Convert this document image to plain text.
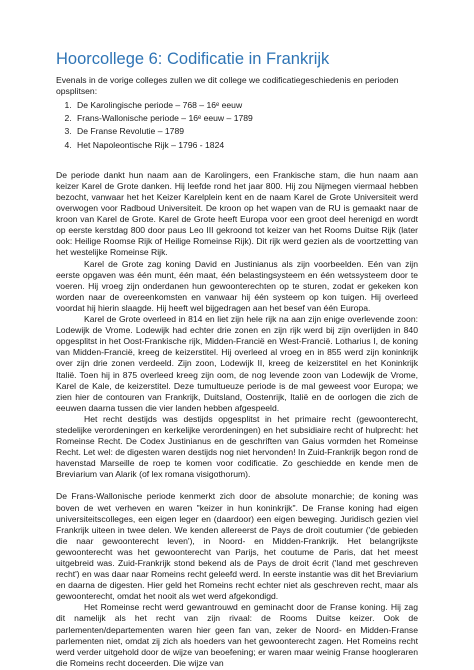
Hoorcollege 6: Codificatie in Frankrijk

Evenals in de vorige colleges zullen we dit college we codificatiegeschiedenis en perioden opsplitsen:

1. De Karolingische periode – 768 – 16ᵉ eeuw
2. Frans-Wallonische periode – 16ᵉ eeuw – 1789
3. De Franse Revolutie – 1789
4. Het Napoleontische Rijk – 1796 - 1824

De periode dankt hun naam aan de Karolingers, een Frankische stam, die hun naam aan keizer Karel de Grote danken. Hij leefde rond het jaar 800. Hij zou Nijmegen viermaal hebben bezocht, vanwaar het het Keizer Karelplein kent en de naam Karel de Grote Universiteit werd overwogen voor Radboud Universiteit. De kroon op het wapen van de RU is gemaakt naar de kroon van Karel de Grote. Karel de Grote heeft Europa voor een groot deel herenigd en wordt op eerste kerstdag 800 door paus Leo III gekroond tot keizer van het Rooms Duitse Rijk (later ook: Heilige Roomse Rijk of Heilige Romeinse Rijk). Dit rijk werd gezien als de voortzetting van het westelijke Romeinse Rijk.

Karel de Grote zag koning David en Justinianus als zijn voorbeelden. Eén van zijn eerste opgaven was één munt, één maat, één belastingsysteem en één wetssysteem door te voeren. Hij vroeg zijn onderdanen hun gewoonterechten op te sturen, zodat er gekeken kon worden naar de overeenkomsten en vanwaar hij één systeem op kon tuigen. Hij overleed voordat hij hierin slaagde. Hij heeft wel bijgedragen aan het besef van één Europa.

Karel de Grote overleed in 814 en liet zijn hele rijk na aan zijn enige overlevende zoon: Lodewijk de Vrome. Lodewijk had echter drie zonen en zijn rijk werd bij zijn overlijden in 840 opgesplitst in het Oost-Frankische rijk, Midden-Francië en West-Francië. Lotharius I, de koning van Midden-Francië, kreeg de keizerstitel. Hij overleed al vroeg en in 855 werd zijn koninkrijk over zijn drie zonen verdeeld. Zijn zoon, Lodewijk II, kreeg de keizerstitel en het Koninkrijk Italië. Toen hij in 875 overleed kreeg zijn oom, de nog levende zoon van Lodewijk de Vrome, Karel de Kale, de keizerstitel. Deze tumultueuze periode is de mal geweest voor Europa; we zien hier de contouren van Frankrijk, Duitsland, Oostenrijk, Italië en de oorlogen die zich de eeuwen daarna tussen die vier landen hebben afgespeeld.

Het recht destijds was destijds opgesplitst in het primaire recht (gewoonterecht, stedelijke verordeningen en kerkelijke verordeningen) en het subsidiaire recht of hulprecht: het Romeinse Recht. De Codex Justinianus en de geschriften van Gaius vormden het Romeinse Recht. Let wel: de digesten waren destijds nog niet hervonden! In Zuid-Frankrijk begon rond de havenstad Marseille de roep te komen voor codificatie. Zo geschiedde en kende men de Breviarium van Alarik (of lex romana visigothorum).

De Frans-Wallonische periode kenmerkt zich door de absolute monarchie; de koning was boven de wet verheven en waren "keizer in hun koninkrijk". De Franse koning had eigen universiteitscolleges, een eigen leger en (daardoor) een eigen beweging. Juridisch gezien viel Frankrijk uiteen in twee delen. We kenden allereerst de Pays de droit coutumier ('de gebieden die naar gewoonterecht leven'), in Noord- en Midden-Frankrijk. Het belangrijkste gewoonterecht was het gewoonterecht van Parijs, het coutume de Paris, dat het meest uitgebreid was. Zuid-Frankrijk stond bekend als de Pays de droit écrit ('land met geschreven recht') en was daar naar Romeins recht geleefd werd. In eerste instantie was dit het Breviarium en daarna de digesten. Hier geld het Romeins recht echter niet als geschreven recht, maar als gewoonterecht, omdat het nooit als wet werd afgekondigd.

Het Romeinse recht werd gewantrouwd en geminacht door de Franse koning. Hij zag dit namelijk als het recht van zijn rivaal: de Rooms Duitse keizer. Ook de parlementen/departementen waren hier geen fan van, zeker de Noord- en Midden-Franse parlementen niet, omdat zij zich als hoeders van het gewoonterecht zagen. Het Romeins recht werd verder uitgehold door de wijze van beoefening; er waren maar weinig Franse hoogleraren die Romeins recht doceerden. Die wijze van
